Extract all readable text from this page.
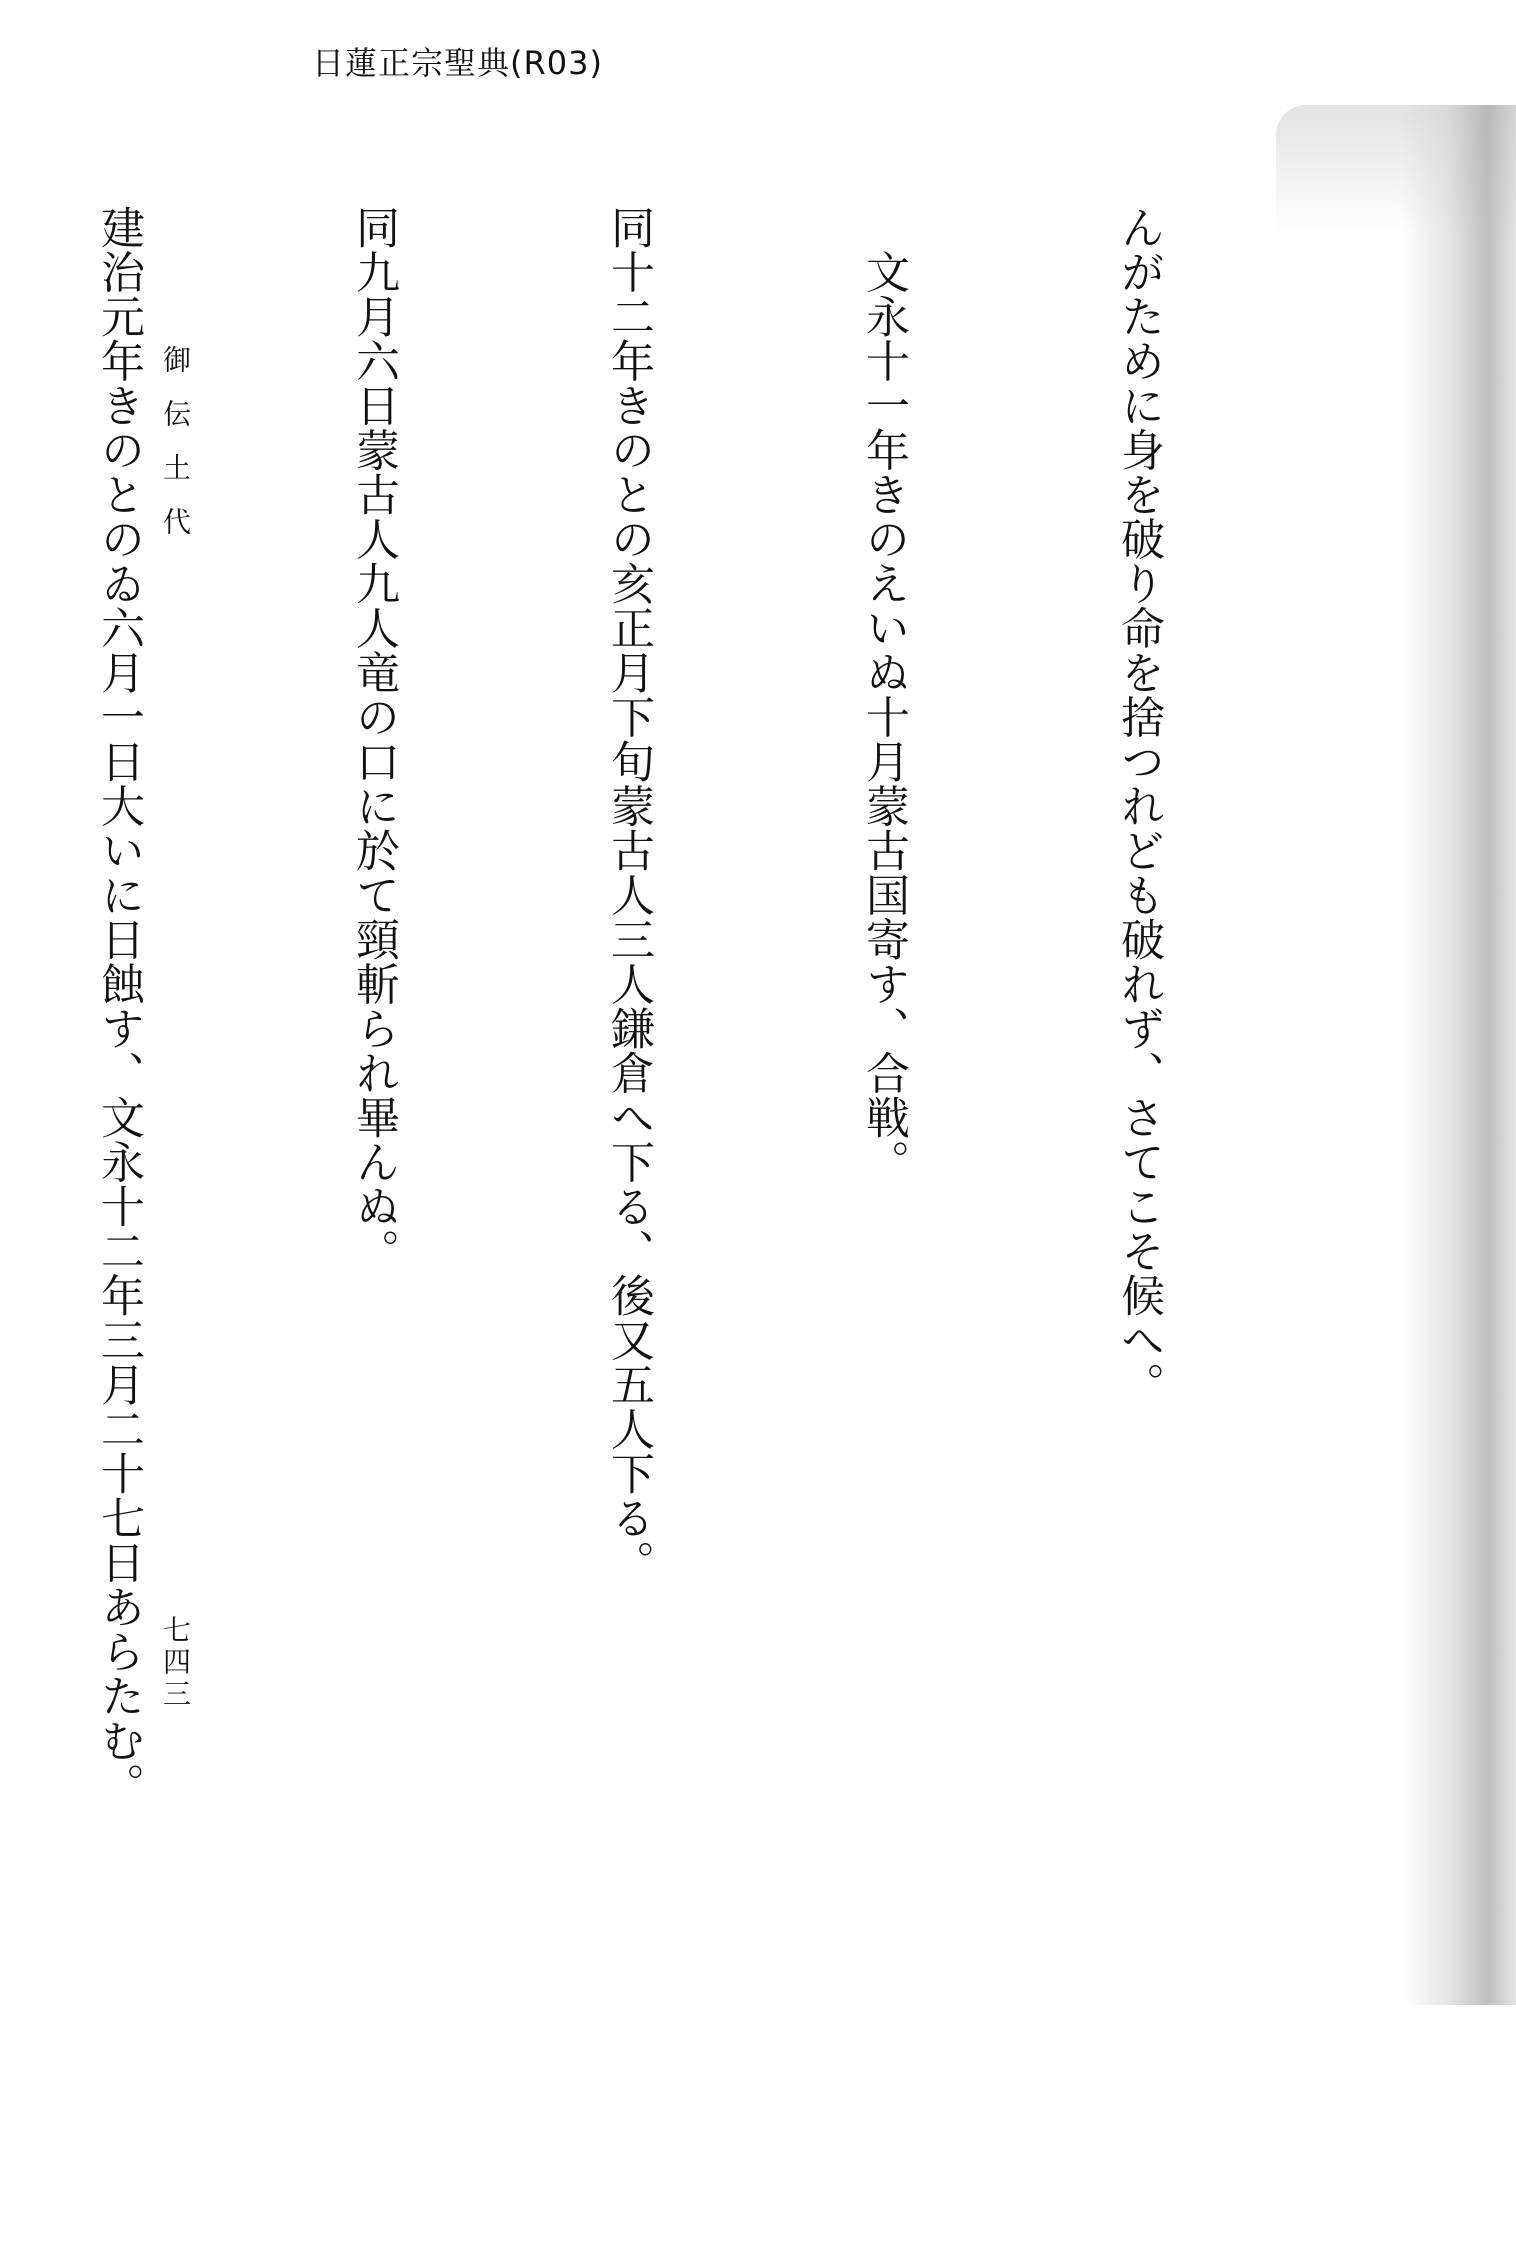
日蓮正宗聖典(R03)

んがために身を破り命を捨つれども破れず、さてこそ候へ。

　文永十一年きのえいぬ十月蒙古国寄す、合戦。

同十二年きのとの亥正月下旬蒙古人三人鎌倉へ下る、後又五人下る。

同九月六日蒙古人九人竜の口に於て頸斬られ畢んぬ。

建治元年きのとのゐ六月一日大いに日蝕す、文永十二年三月二十七日あらたむ。

御伝土代
七四三
